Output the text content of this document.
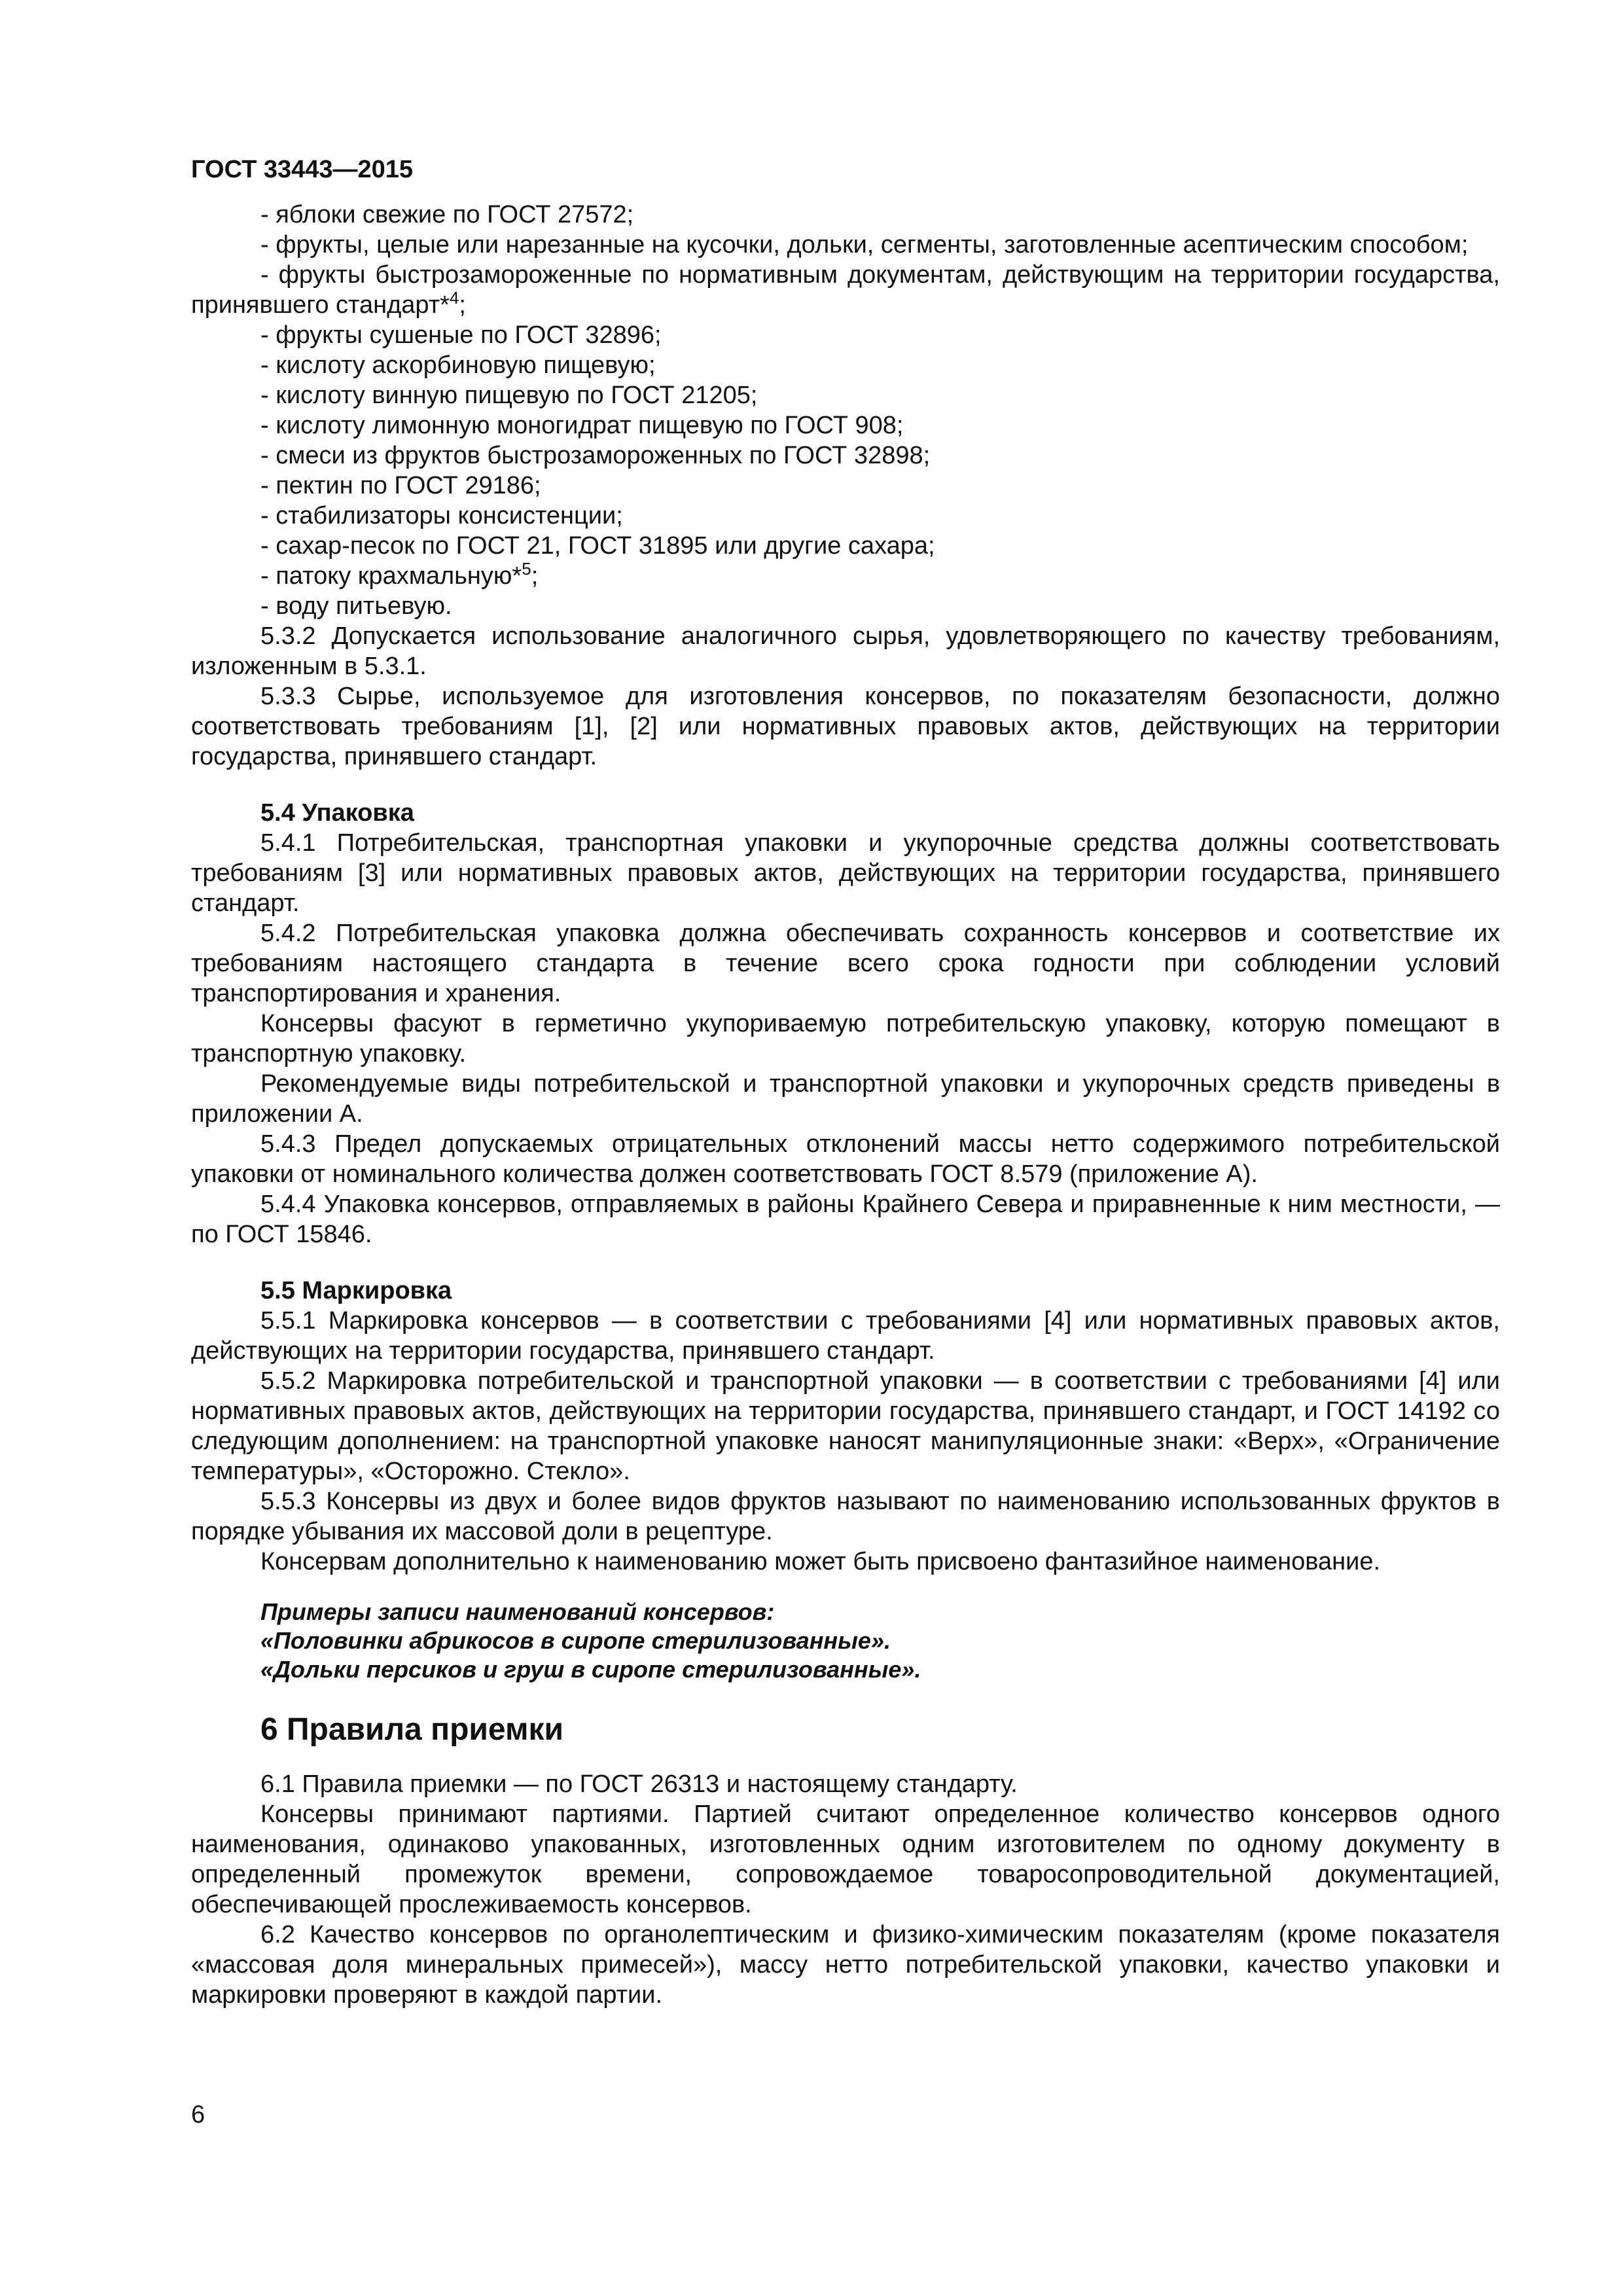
ГОСТ 33443—2015

- яблоки свежие по ГОСТ 27572;

- фрукты, целые или нарезанные на кусочки, дольки, сегменты, заготовленные асептическим способом;

- фрукты быстрозамороженные по нормативным документам, действующим на территории государства, принявшего стандарт*$^4$;

- фрукты сушеные по ГОСТ 32896;

- кислоту аскорбиновую пищевую;

- кислоту винную пищевую по ГОСТ 21205;

- кислоту лимонную моногидрат пищевую по ГОСТ 908;

- смеси из фруктов быстрозамороженных по ГОСТ 32898;

- пектин по ГОСТ 29186;

- стабилизаторы консистенции;

- сахар-песок по ГОСТ 21, ГОСТ 31895 или другие сахара;

- патоку крахмальную*$^5$;

- воду питьевую.

5.3.2 Допускается использование аналогичного сырья, удовлетворяющего по качеству требованиям, изложенным в 5.3.1.

5.3.3 Сырье, используемое для изготовления консервов, по показателям безопасности, должно соответствовать требованиям [1], [2] или нормативных правовых актов, действующих на территории государства, принявшего стандарт.

5.4 Упаковка

5.4.1 Потребительская, транспортная упаковки и укупорочные средства должны соответствовать требованиям [3] или нормативных правовых актов, действующих на территории государства, принявшего стандарт.

5.4.2 Потребительская упаковка должна обеспечивать сохранность консервов и соответствие их требованиям настоящего стандарта в течение всего срока годности при соблюдении условий транспортирования и хранения.

Консервы фасуют в герметично укупориваемую потребительскую упаковку, которую помещают в транспортную упаковку.

Рекомендуемые виды потребительской и транспортной упаковки и укупорочных средств приведены в приложении А.

5.4.3 Предел допускаемых отрицательных отклонений массы нетто содержимого потребительской упаковки от номинального количества должен соответствовать ГОСТ 8.579 (приложение А).

5.4.4 Упаковка консервов, отправляемых в районы Крайнего Севера и приравненные к ним местности, — по ГОСТ 15846.

5.5 Маркировка

5.5.1 Маркировка консервов — в соответствии с требованиями [4] или нормативных правовых актов, действующих на территории государства, принявшего стандарт.

5.5.2 Маркировка потребительской и транспортной упаковки — в соответствии с требованиями [4] или нормативных правовых актов, действующих на территории государства, принявшего стандарт, и ГОСТ 14192 со следующим дополнением: на транспортной упаковке наносят манипуляционные знаки: «Верх», «Ограничение температуры», «Осторожно. Стекло».

5.5.3 Консервы из двух и более видов фруктов называют по наименованию использованных фруктов в порядке убывания их массовой доли в рецептуре.

Консервам дополнительно к наименованию может быть присвоено фантазийное наименование.

Примеры записи наименований консервов:

«Половинки абрикосов в сиропе стерилизованные».

«Дольки персиков и груш в сиропе стерилизованные».

6 Правила приемки

6.1 Правила приемки — по ГОСТ 26313 и настоящему стандарту.

Консервы принимают партиями. Партией считают определенное количество консервов одного наименования, одинаково упакованных, изготовленных одним изготовителем по одному документу в определенный промежуток времени, сопровождаемое товаросопроводительной документацией, обеспечивающей прослеживаемость консервов.

6.2 Качество консервов по органолептическим и физико-химическим показателям (кроме показателя «массовая доля минеральных примесей»), массу нетто потребительской упаковки, качество упаковки и маркировки проверяют в каждой партии.

6
